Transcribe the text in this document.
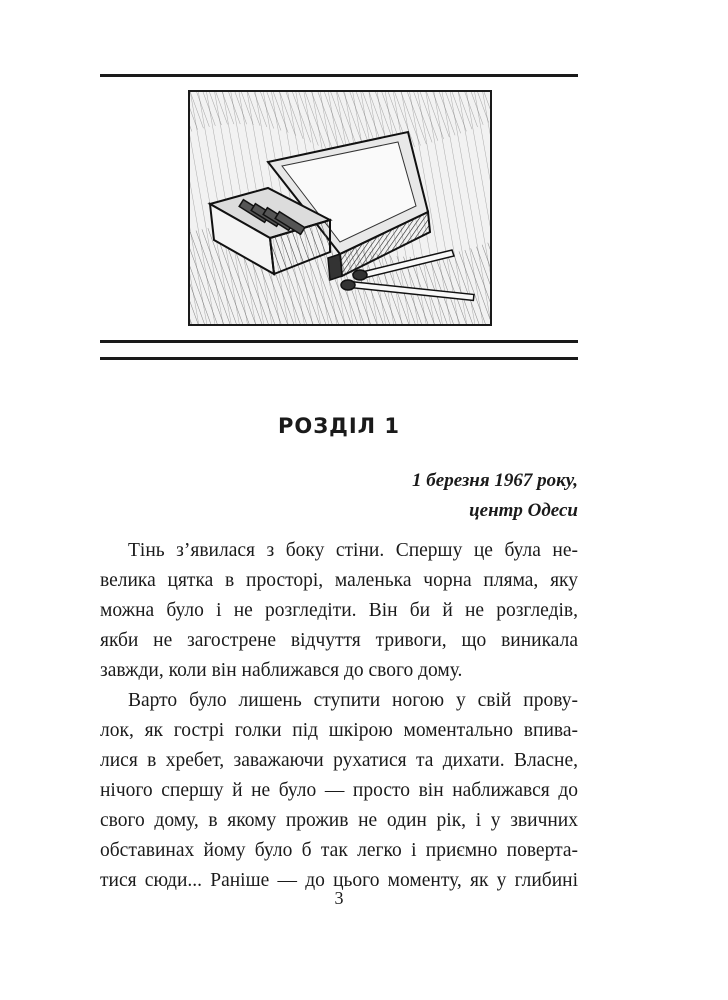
РОЗДІЛ 1
1 березня 1967 року,
центр Одеси
Тінь з’явилася з боку стіни. Спершу це була не-
велика цятка в просторі, маленька чорна пляма, яку
можна було і не розгледіти. Він би й не розгледів,
якби не загострене відчуття тривоги, що виникала
завжди, коли він наближався до свого дому.
Варто було лишень ступити ногою у свій прову-
лок, як гострі голки під шкірою моментально впива-
лися в хребет, заважаючи рухатися та дихати. Власне,
нічого спершу й не було — просто він наближався до
свого дому, в якому прожив не один рік, і у звичних
обставинах йому було б так легко і приємно поверта-
тися сюди... Раніше — до цього моменту, як у глибині
3
